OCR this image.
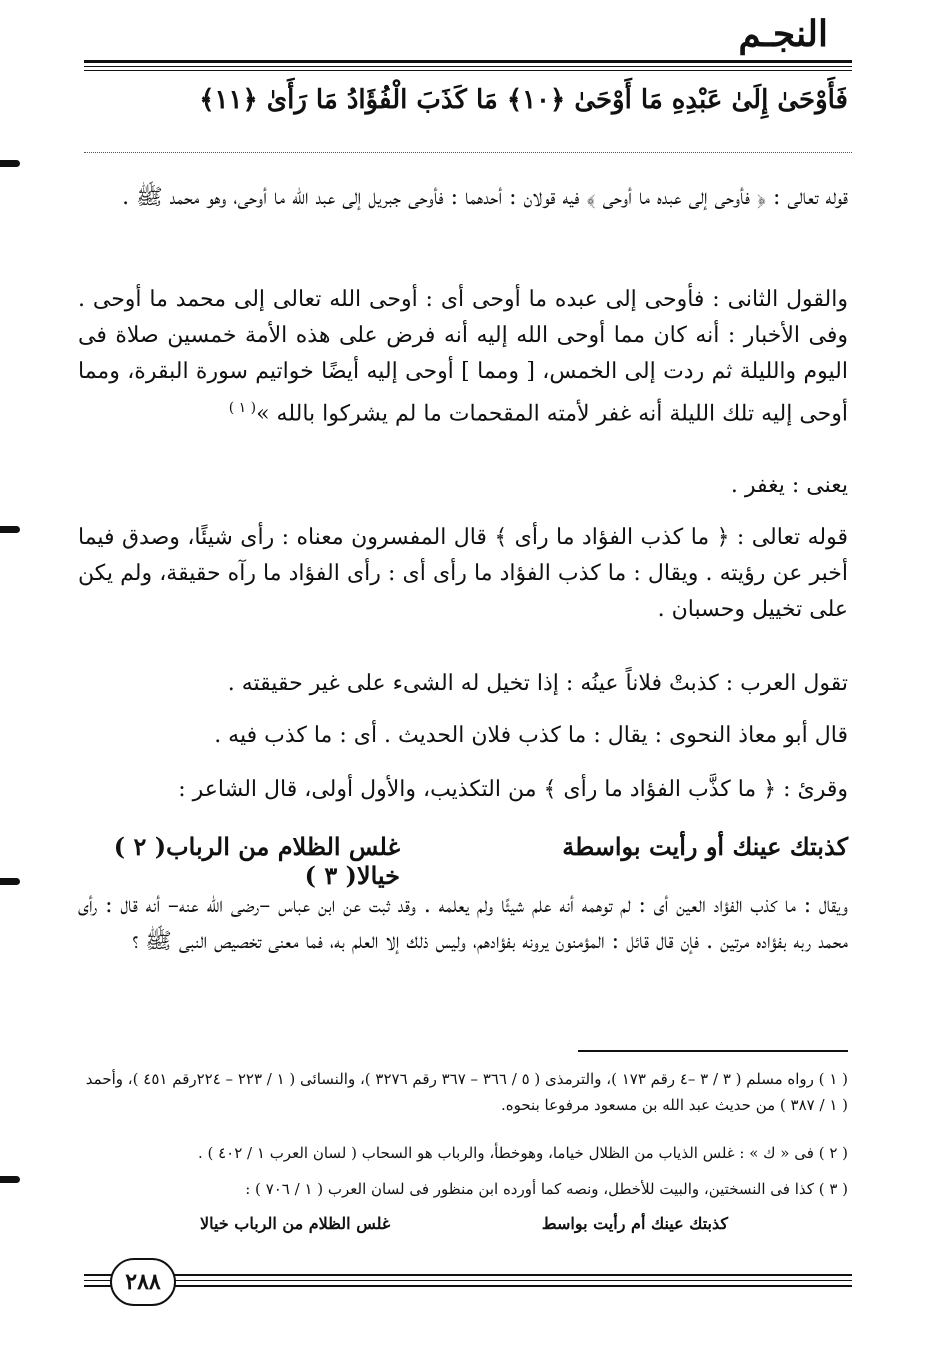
النجـم
فَأَوْحَىٰ إِلَىٰ عَبْدِهِ مَا أَوْحَىٰ ﴿١٠﴾ مَا كَذَبَ الْفُؤَادُ مَا رَأَىٰ ﴿١١﴾
قوله تعالى : ﴿ فأوحى إلى عبده ما أوحى ﴾ فيه قولان : أحدهما : فأوحى جبريل إلى عبد الله ما أوحى، وهو محمد ﷺ .
والقول الثانى : فأوحى إلى عبده ما أوحى أى : أوحى الله تعالى إلى محمد ما أوحى . وفى الأخبار : أنه كان مما أوحى الله إليه أنه فرض على هذه الأمة خمسين صلاة فى اليوم والليلة ثم ردت إلى الخمس، [ ومما ] أوحى إليه أيضًا خواتيم سورة البقرة، ومما أوحى إليه تلك الليلة أنه غفر لأمته المقحمات ما لم يشركوا بالله »$^{( ١ )}$
يعنى : يغفر .
قوله تعالى : ﴿ ما كذب الفؤاد ما رأى ﴾ قال المفسرون معناه : رأى شيئًا، وصدق فيما أخبر عن رؤيته . ويقال : ما كذب الفؤاد ما رأى أى : رأى الفؤاد ما رآه حقيقة، ولم يكن على تخييل وحسبان .
تقول العرب : كذبتْ فلاناً عينُه : إذا تخيل له الشىء على غير حقيقته .
قال أبو معاذ النحوى : يقال : ما كذب فلان الحديث . أى : ما كذب فيه .
وقرئ : ﴿ ما كذَّب الفؤاد ما رأى ﴾ من التكذيب، والأول أولى، قال الشاعر :
كذبتك عينك أو رأيت بواسطة
غلس الظلام من الرباب( ٢ ) خيالا( ٣ )
ويقال : ما كذب الفؤاد العين أى : لم توهمه أنه علم شيئًا ولم يعلمه . وقد ثبت عن ابن عباس –رضى الله عنه– أنه قال : رأى محمد ربه بفؤاده مرتين . فإن قال قائل : المؤمنون يرونه بفؤادهم، وليس ذلك إلا العلم به، فما معنى تخصيص النبى ﷺ ؟
( ١ ) رواه مسلم ( ٣ / ٣ –٤ رقم ١٧٣ )، والترمذى ( ٥ / ٣٦٦ – ٣٦٧ رقم ٣٢٧٦ )، والنسائى ( ١ / ٢٢٣ – ٢٢٤رقم ٤٥١ )، وأحمد ( ١ / ٣٨٧ ) من حديث عبد الله بن مسعود مرفوعا بنحوه.
( ٢ ) فى « ك » : غلس الذياب من الظلال خياما، وهوخطأ، والرباب هو السحاب ( لسان العرب ١ / ٤٠٢ ) .
( ٣ ) كذا فى النسختين، والبيت للأخطل، ونصه كما أورده ابن منظور فى لسان العرب ( ١ / ٧٠٦ ) :
كذبتك عينك أم رأيت بواسط
غلس الظلام من الرباب خيالا
٢٨٨
